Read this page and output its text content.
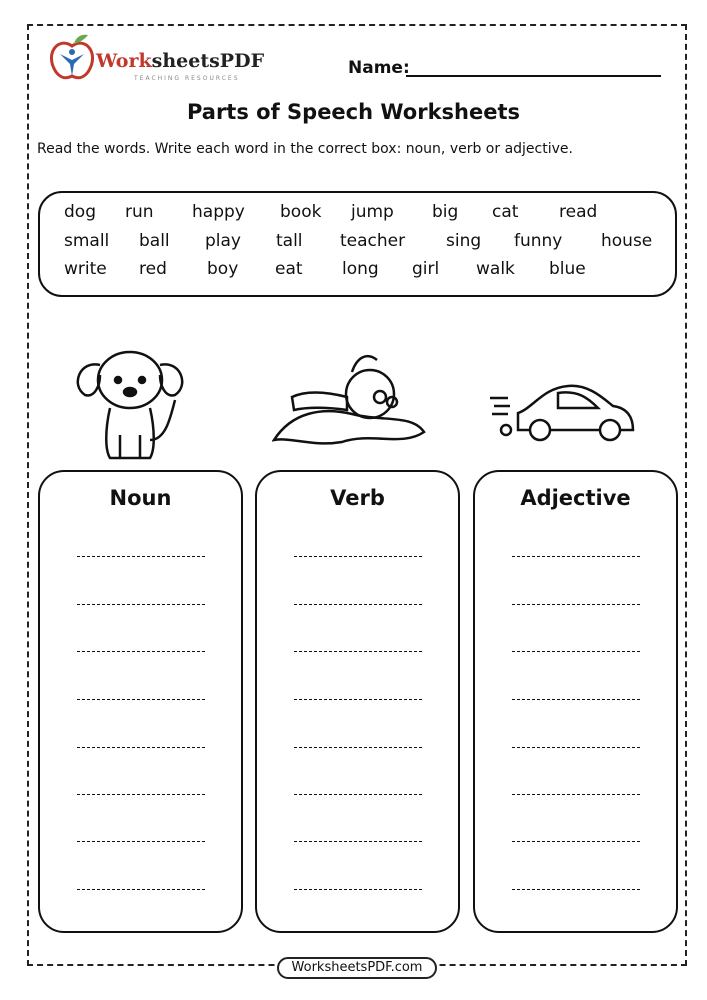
WorksheetsPDF
TEACHING RESOURCES
Name:
Parts of Speech Worksheets
Read the words. Write each word in the correct box: noun, verb or adjective.
dog run happy book jump big cat read
small ball play tall teacher sing funny house
write red boy eat long girl walk blue
Noun	Verb	Adjective
WorksheetsPDF.com
